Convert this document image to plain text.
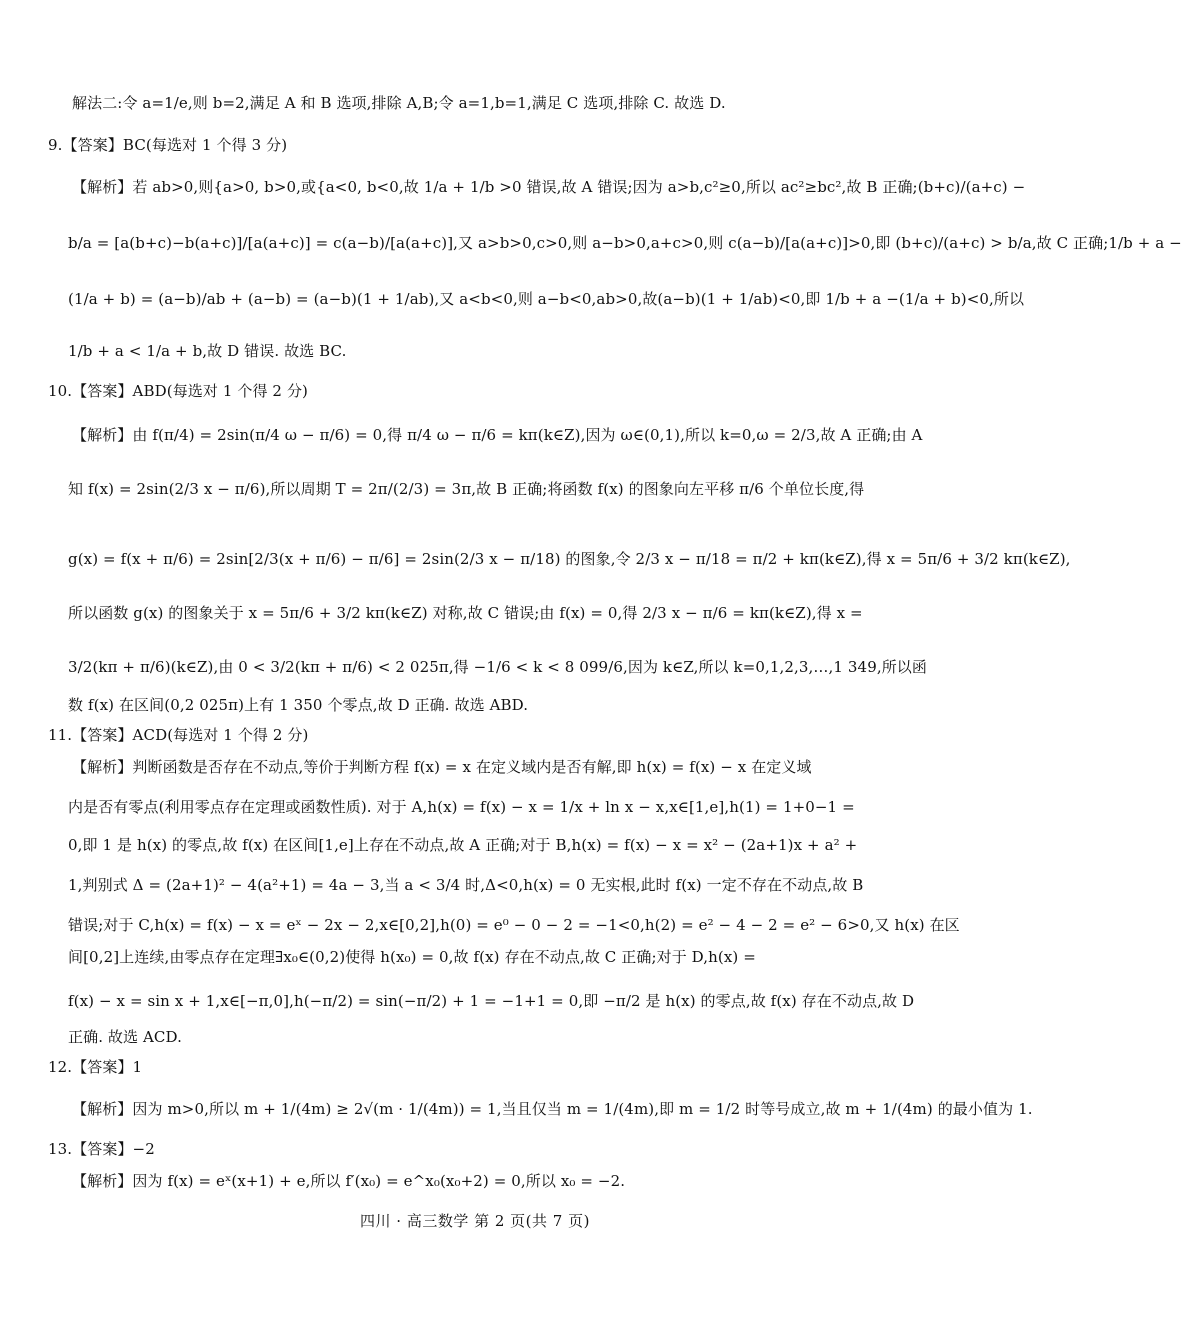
解法二:令 a=1/e,则 b=2,满足 A 和 B 选项,排除 A,B;令 a=1,b=1,满足 C 选项,排除 C. 故选 D.
9.【答案】BC(每选对 1 个得 3 分)
【解析】若 ab>0,则{a>0, b>0,或{a<0, b<0,故 1/a + 1/b >0 错误,故 A 错误;因为 a>b,c²≥0,所以 ac²≥bc²,故 B 正确;(b+c)/(a+c) −
b/a = [a(b+c)−b(a+c)]/[a(a+c)] = c(a−b)/[a(a+c)],又 a>b>0,c>0,则 a−b>0,a+c>0,则 c(a−b)/[a(a+c)]>0,即 (b+c)/(a+c) > b/a,故 C 正确;1/b + a −
(1/a + b) = (a−b)/ab + (a−b) = (a−b)(1 + 1/ab),又 a<b<0,则 a−b<0,ab>0,故(a−b)(1 + 1/ab)<0,即 1/b + a −(1/a + b)<0,所以
1/b + a < 1/a + b,故 D 错误. 故选 BC.
10.【答案】ABD(每选对 1 个得 2 分)
【解析】由 f(π/4) = 2sin(π/4 ω − π/6) = 0,得 π/4 ω − π/6 = kπ(k∈Z),因为 ω∈(0,1),所以 k=0,ω = 2/3,故 A 正确;由 A
知 f(x) = 2sin(2/3 x − π/6),所以周期 T = 2π/(2/3) = 3π,故 B 正确;将函数 f(x) 的图象向左平移 π/6 个单位长度,得
g(x) = f(x + π/6) = 2sin[2/3(x + π/6) − π/6] = 2sin(2/3 x − π/18) 的图象,令 2/3 x − π/18 = π/2 + kπ(k∈Z),得 x = 5π/6 + 3/2 kπ(k∈Z),
所以函数 g(x) 的图象关于 x = 5π/6 + 3/2 kπ(k∈Z) 对称,故 C 错误;由 f(x) = 0,得 2/3 x − π/6 = kπ(k∈Z),得 x =
3/2(kπ + π/6)(k∈Z),由 0 < 3/2(kπ + π/6) < 2 025π,得 −1/6 < k < 8 099/6,因为 k∈Z,所以 k=0,1,2,3,…,1 349,所以函
数 f(x) 在区间(0,2 025π)上有 1 350 个零点,故 D 正确. 故选 ABD.
11.【答案】ACD(每选对 1 个得 2 分)
【解析】判断函数是否存在不动点,等价于判断方程 f(x) = x 在定义域内是否有解,即 h(x) = f(x) − x 在定义域
内是否有零点(利用零点存在定理或函数性质). 对于 A,h(x) = f(x) − x = 1/x + ln x − x,x∈[1,e],h(1) = 1+0−1 =
0,即 1 是 h(x) 的零点,故 f(x) 在区间[1,e]上存在不动点,故 A 正确;对于 B,h(x) = f(x) − x = x² − (2a+1)x + a² +
1,判别式 Δ = (2a+1)² − 4(a²+1) = 4a − 3,当 a < 3/4 时,Δ<0,h(x) = 0 无实根,此时 f(x) 一定不存在不动点,故 B
错误;对于 C,h(x) = f(x) − x = eˣ − 2x − 2,x∈[0,2],h(0) = e⁰ − 0 − 2 = −1<0,h(2) = e² − 4 − 2 = e² − 6>0,又 h(x) 在区
间[0,2]上连续,由零点存在定理∃x₀∈(0,2)使得 h(x₀) = 0,故 f(x) 存在不动点,故 C 正确;对于 D,h(x) =
f(x) − x = sin x + 1,x∈[−π,0],h(−π/2) = sin(−π/2) + 1 = −1+1 = 0,即 −π/2 是 h(x) 的零点,故 f(x) 存在不动点,故 D
正确. 故选 ACD.
12.【答案】1
【解析】因为 m>0,所以 m + 1/(4m) ≥ 2√(m · 1/(4m)) = 1,当且仅当 m = 1/(4m),即 m = 1/2 时等号成立,故 m + 1/(4m) 的最小值为 1.
13.【答案】−2
【解析】因为 f(x) = eˣ(x+1) + e,所以 f′(x₀) = e^x₀(x₀+2) = 0,所以 x₀ = −2.
四川 · 高三数学 第 2 页(共 7 页)
